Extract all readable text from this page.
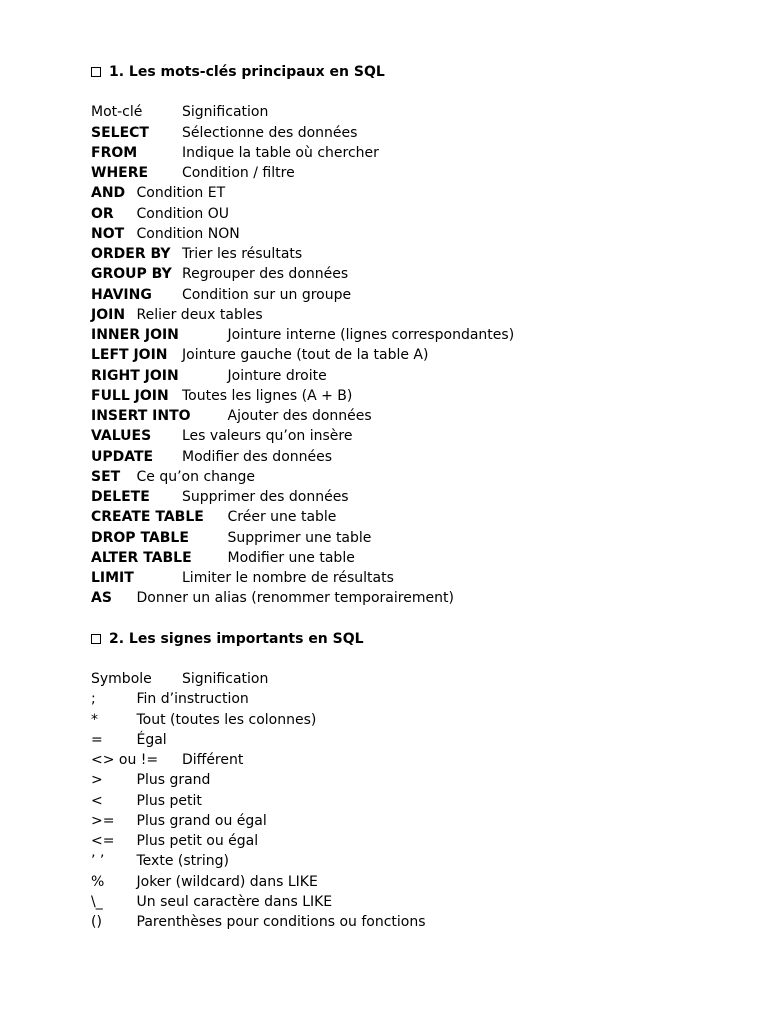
1. Les mots-clés principaux en SQL
Mot-clé	Signification
SELECT Sélectionne des données
FROM	Indique la table où chercher
WHERE Condition / filtre
AND Condition ET
OR Condition OU
NOT Condition NON
ORDER BY Trier les résultats
GROUP BY Regrouper des données
HAVING Condition sur un groupe
JOIN Relier deux tables
INNER JOIN	Jointure interne (lignes correspondantes)
LEFT JOIN Jointure gauche (tout de la table A)
RIGHT JOIN	Jointure droite
FULL JOIN Toutes les lignes (A + B)
INSERT INTO	Ajouter des données
VALUES Les valeurs qu’on insère
UPDATE Modifier des données
SET Ce qu’on change
DELETE Supprimer des données
CREATE TABLE Créer une table
DROP TABLE	Supprimer une table
ALTER TABLE	Modifier une table
LIMIT	Limiter le nombre de résultats
AS Donner un alias (renommer temporairement)
2. Les signes importants en SQL
Symbole Signification
;	Fin d’instruction
*	Tout (toutes les colonnes)
= Égal
<> ou != Différent
> Plus grand
< Plus petit
>= Plus grand ou égal
<= Plus petit ou égal
’ ’ Texte (string)
% Joker (wildcard) dans LIKE
\_ Un seul caractère dans LIKE
() Parenthèses pour conditions ou fonctions
